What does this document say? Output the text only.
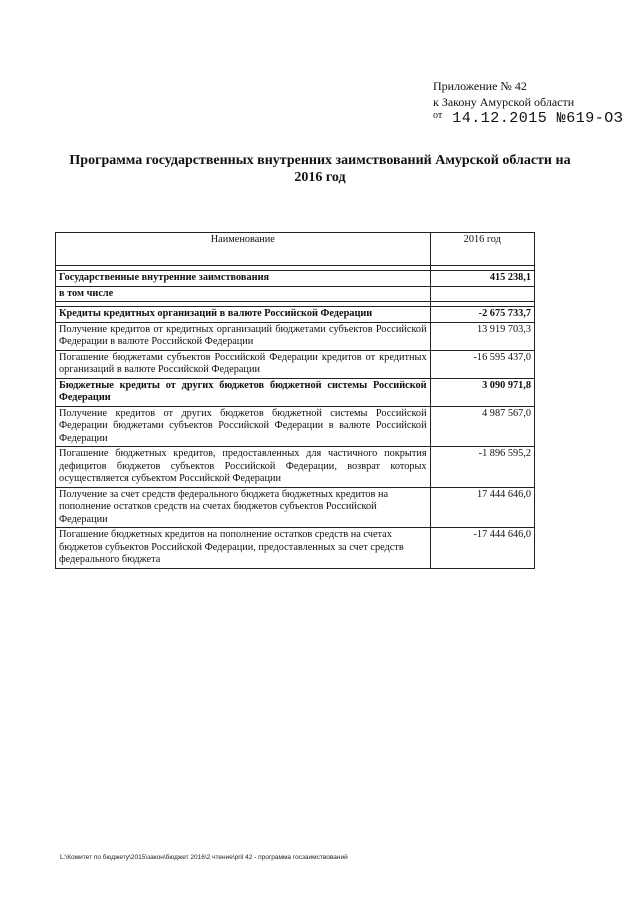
Приложение № 42
к Закону Амурской области
от 14.12.2015 №619-ОЗ
Программа государственных внутренних заимствований Амурской области на
2016 год
Наименование	2016 год

Государственные внутренние заимствования	415 238,1
в том числе	

Кредиты кредитных организаций в валюте Российской Федерации	-2 675 733,7
Получение кредитов от кредитных организаций бюджетами субъектов Российской Федерации в валюте Российской Федерации	13 919 703,3
Погашение бюджетами субъектов Российской Федерации кредитов от кредитных организаций в валюте Российской Федерации	-16 595 437,0
Бюджетные кредиты от других бюджетов бюджетной системы Российской Федерации	3 090 971,8
Получение кредитов от других бюджетов бюджетной системы Российской Федерации бюджетами субъектов Российской Федерации в валюте Российской Федерации	4 987 567,0
Погашение бюджетных кредитов, предоставленных для частичного покрытия дефицитов бюджетов субъектов Российской Федерации, возврат которых осуществляется субъектом Российской Федерации	-1 896 595,2
Получение за счет средств федерального бюджета бюджетных кредитов на пополнение остатков средств на счетах бюджетов субъектов Российской Федерации	17 444 646,0
Погашение бюджетных кредитов на пополнение остатков средств на счетах бюджетов субъектов Российской Федерации, предоставленных за счет средств федерального бюджета	-17 444 646,0
L:\Комитет по бюджету\2015\закон\бюджет 2016\2 чтение\pril 42 - программа госзаимствований
